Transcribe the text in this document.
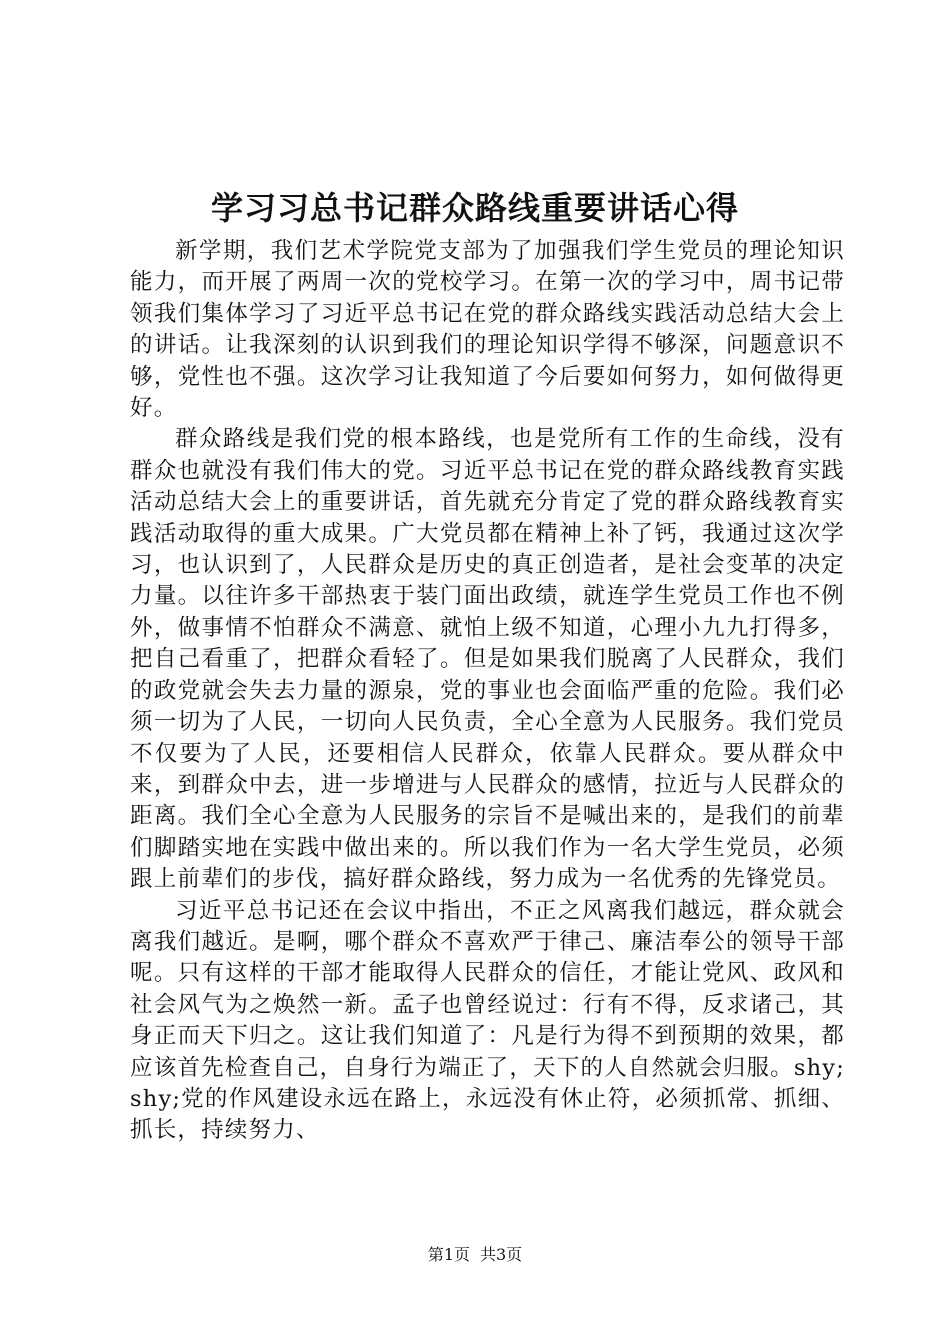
学习习总书记群众路线重要讲话心得

新学期，我们艺术学院党支部为了加强我们学生党员的理论知识能力，而开展了两周一次的党校学习。在第一次的学习中，周书记带领我们集体学习了习近平总书记在党的群众路线实践活动总结大会上的讲话。让我深刻的认识到我们的理论知识学得不够深，问题意识不够，党性也不强。这次学习让我知道了今后要如何努力，如何做得更好。

群众路线是我们党的根本路线，也是党所有工作的生命线，没有群众也就没有我们伟大的党。习近平总书记在党的群众路线教育实践活动总结大会上的重要讲话，首先就充分肯定了党的群众路线教育实践活动取得的重大成果。广大党员都在精神上补了钙，我通过这次学习，也认识到了，人民群众是历史的真正创造者，是社会变革的决定力量。以往许多干部热衷于装门面出政绩，就连学生党员工作也不例外，做事情不怕群众不满意、就怕上级不知道，心理小九九打得多，把自己看重了，把群众看轻了。但是如果我们脱离了人民群众，我们的政党就会失去力量的源泉，党的事业也会面临严重的危险。我们必须一切为了人民，一切向人民负责，全心全意为人民服务。我们党员不仅要为了人民，还要相信人民群众，依靠人民群众。要从群众中来，到群众中去，进一步增进与人民群众的感情，拉近与人民群众的距离。我们全心全意为人民服务的宗旨不是喊出来的，是我们的前辈们脚踏实地在实践中做出来的。所以我们作为一名大学生党员，必须跟上前辈们的步伐，搞好群众路线，努力成为一名优秀的先锋党员。

习近平总书记还在会议中指出，不正之风离我们越远，群众就会离我们越近。是啊，哪个群众不喜欢严于律己、廉洁奉公的领导干部呢。只有这样的干部才能取得人民群众的信任，才能让党风、政风和社会风气为之焕然一新。孟子也曾经说过：行有不得，反求诸己，其身正而天下归之。这让我们知道了：凡是行为得不到预期的效果，都应该首先检查自己，自身行为端正了，天下的人自然就会归服。shy;shy;党的作风建设永远在路上，永远没有休止符，必须抓常、抓细、抓长，持续努力、

第1页 共3页
